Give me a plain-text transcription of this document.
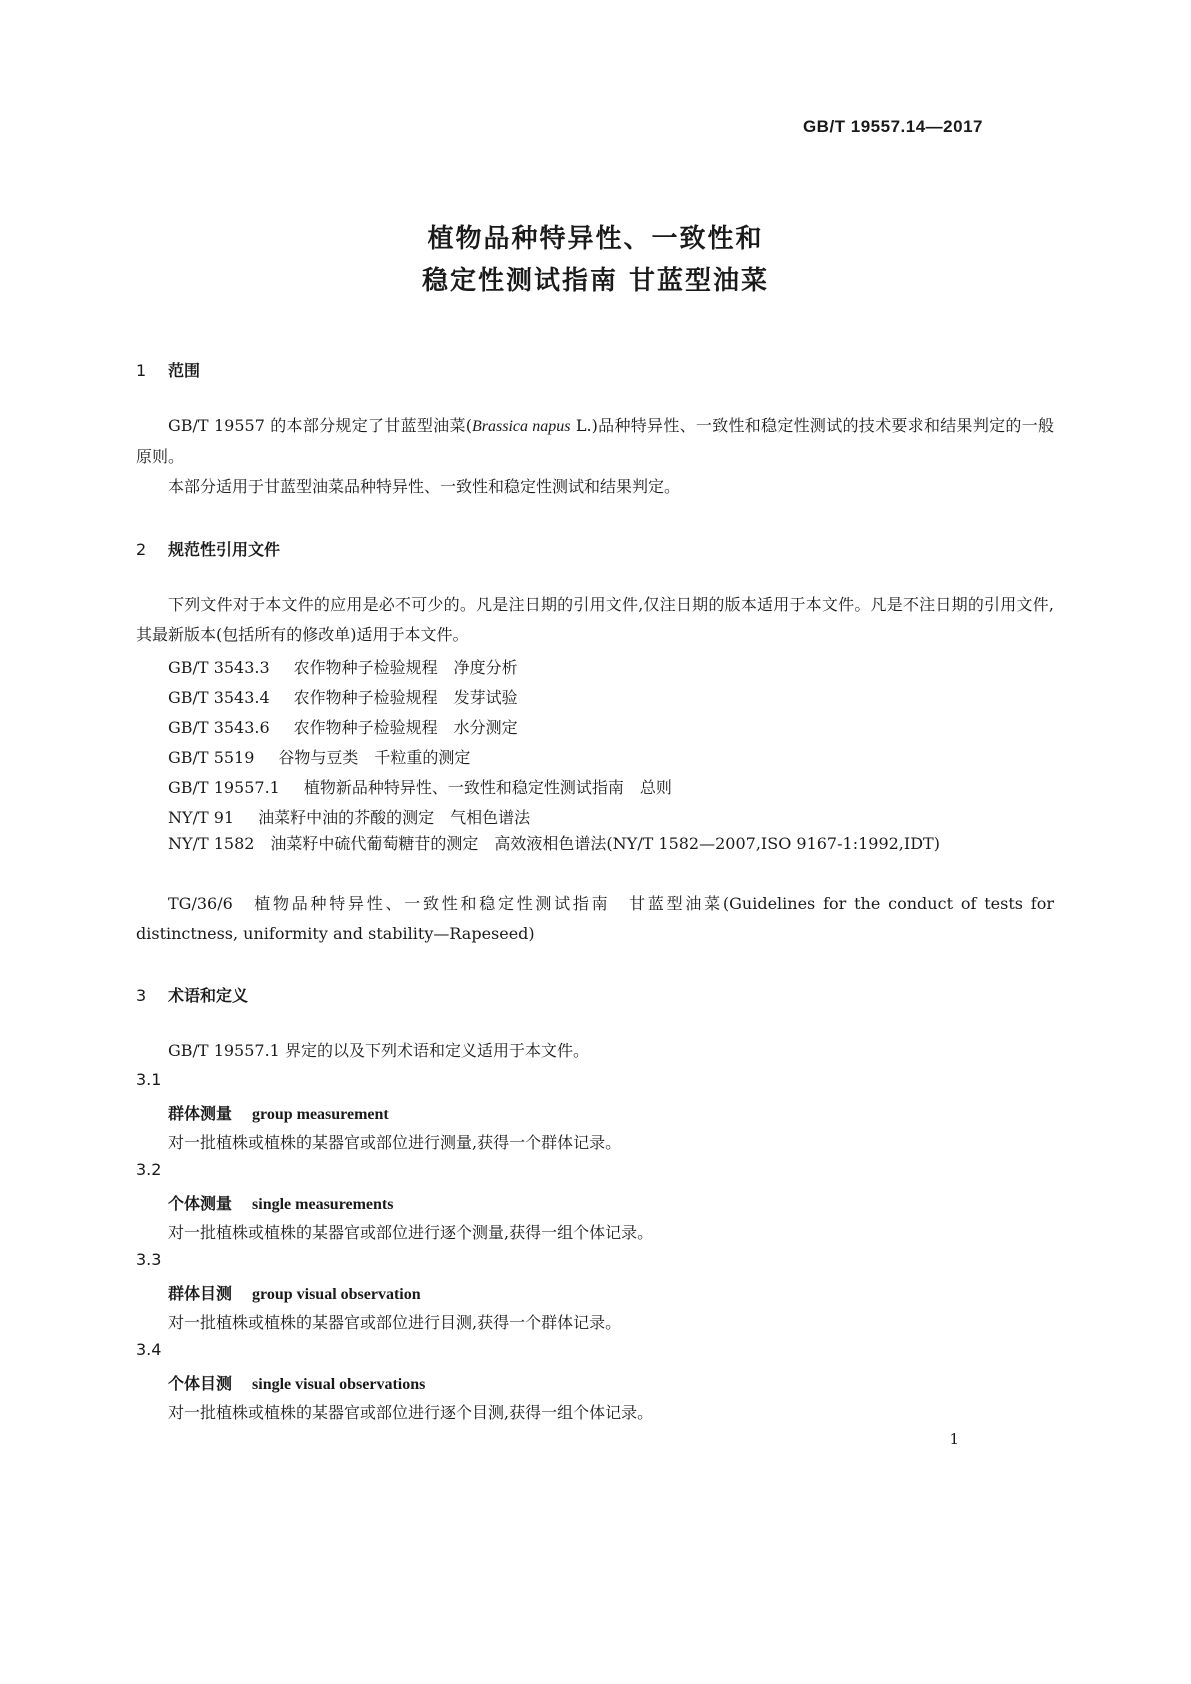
GB/T 19557.14—2017
植物品种特异性、一致性和
稳定性测试指南 甘蓝型油菜
1 范围

GB/T 19557 的本部分规定了甘蓝型油菜(Brassica napus L.)品种特异性、一致性和稳定性测试的技术要求和结果判定的一般原则。

本部分适用于甘蓝型油菜品种特异性、一致性和稳定性测试和结果判定。

2 规范性引用文件

下列文件对于本文件的应用是必不可少的。凡是注日期的引用文件,仅注日期的版本适用于本文件。凡是不注日期的引用文件,其最新版本(包括所有的修改单)适用于本文件。

GB/T 3543.3 农作物种子检验规程　净度分析
GB/T 3543.4 农作物种子检验规程　发芽试验
GB/T 3543.6 农作物种子检验规程　水分测定
GB/T 5519 谷物与豆类　千粒重的测定
GB/T 19557.1 植物新品种特异性、一致性和稳定性测试指南　总则
NY/T 91 油菜籽中油的芥酸的测定　气相色谱法

NY/T 1582　油菜籽中硫代葡萄糖苷的测定　高效液相色谱法(NY/T 1582—2007,ISO 9167-1:1992,IDT)

TG/36/6　植物品种特异性、一致性和稳定性测试指南　甘蓝型油菜(Guidelines for the conduct of tests for distinctness, uniformity and stability—Rapeseed)

3 术语和定义

GB/T 19557.1 界定的以及下列术语和定义适用于本文件。

3.1
群体测量 group measurement
对一批植株或植株的某器官或部位进行测量,获得一个群体记录。
3.2
个体测量 single measurements
对一批植株或植株的某器官或部位进行逐个测量,获得一组个体记录。
3.3
群体目测 group visual observation
对一批植株或植株的某器官或部位进行目测,获得一个群体记录。
3.4
个体目测 single visual observations
对一批植株或植株的某器官或部位进行逐个目测,获得一组个体记录。
1
